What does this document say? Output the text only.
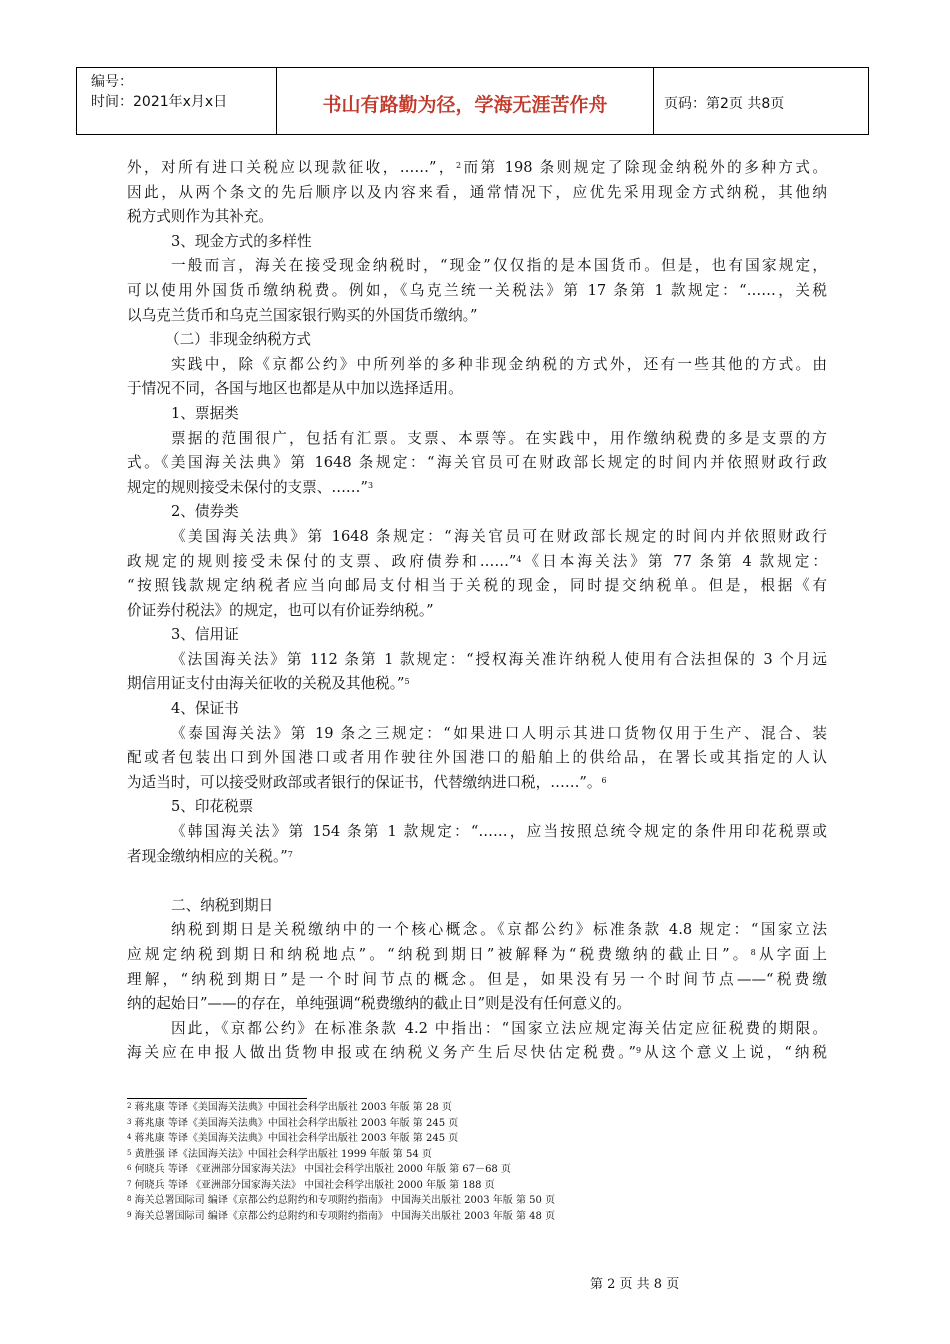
编号：
时间：2021年x月x日	书山有路勤为径，学海无涯苦作舟	页码：第2页 共8页
外，对所有进口关税应以现款征收，……”，$^2$而第 198 条则规定了除现金纳税外的多种方式。
因此，从两个条文的先后顺序以及内容来看，通常情况下，应优先采用现金方式纳税，其他纳
税方式则作为其补充。
3、现金方式的多样性
一般而言，海关在接受现金纳税时，“现金”仅仅指的是本国货币。但是，也有国家规定，
可以使用外国货币缴纳税费。例如，《乌克兰统一关税法》第 17 条第 1 款规定：“……，关税
以乌克兰货币和乌克兰国家银行购买的外国货币缴纳。”
（二）非现金纳税方式
实践中，除《京都公约》中所列举的多种非现金纳税的方式外，还有一些其他的方式。由
于情况不同，各国与地区也都是从中加以选择适用。
1、票据类
票据的范围很广，包括有汇票。支票、本票等。在实践中，用作缴纳税费的多是支票的方
式。《美国海关法典》第 1648 条规定：“海关官员可在财政部长规定的时间内并依照财政行政
规定的规则接受未保付的支票、……”$^3$
2、债券类
《美国海关法典》第 1648 条规定：“海关官员可在财政部长规定的时间内并依照财政行
政规定的规则接受未保付的支票、政府债券和……”$^4$《日本海关法》第 77 条第 4 款规定：
“按照钱款规定纳税者应当向邮局支付相当于关税的现金，同时提交纳税单。但是，根据《有
价证券付税法》的规定，也可以有价证券纳税。”
3、信用证
《法国海关法》第 112 条第 1 款规定：“授权海关准许纳税人使用有合法担保的 3 个月远
期信用证支付由海关征收的关税及其他税。”$^5$
4、保证书
《泰国海关法》第 19 条之三规定：“如果进口人明示其进口货物仅用于生产、混合、装
配或者包装出口到外国港口或者用作驶往外国港口的船舶上的供给品，在署长或其指定的人认
为适当时，可以接受财政部或者银行的保证书，代替缴纳进口税，……”。$^6$
5、印花税票
《韩国海关法》第 154 条第 1 款规定：“……，应当按照总统令规定的条件用印花税票或
者现金缴纳相应的关税。”$^7$
二、纳税到期日
纳税到期日是关税缴纳中的一个核心概念。《京都公约》标准条款 4.8 规定：“国家立法
应规定纳税到期日和纳税地点”。“纳税到期日”被解释为“税费缴纳的截止日”。$^8$从字面上
理解，“纳税到期日”是一个时间节点的概念。但是，如果没有另一个时间节点——“税费缴
纳的起始日”——的存在，单纯强调“税费缴纳的截止日”则是没有任何意义的。
因此，《京都公约》在标准条款 4.2 中指出：“国家立法应规定海关估定应征税费的期限。
海关应在申报人做出货物申报或在纳税义务产生后尽快估定税费。”$^9$从这个意义上说，“纳税
$^2$ 蒋兆康 等译《美国海关法典》中国社会科学出版社 2003 年版 第 28 页
$^3$ 蒋兆康 等译《美国海关法典》中国社会科学出版社 2003 年版 第 245 页
$^4$ 蒋兆康 等译《美国海关法典》中国社会科学出版社 2003 年版 第 245 页
$^5$ 黄胜强 译《法国海关法》中国社会科学出版社 1999 年版 第 54 页
$^6$ 何晓兵 等译 《亚洲部分国家海关法》 中国社会科学出版社 2000 年版 第 67－68 页
$^7$ 何晓兵 等译 《亚洲部分国家海关法》 中国社会科学出版社 2000 年版 第 188 页
$^8$ 海关总署国际司 编译《京都公约总附约和专项附约指南》 中国海关出版社 2003 年版 第 50 页
$^9$ 海关总署国际司 编译《京都公约总附约和专项附约指南》 中国海关出版社 2003 年版 第 48 页
第 2 页 共 8 页
